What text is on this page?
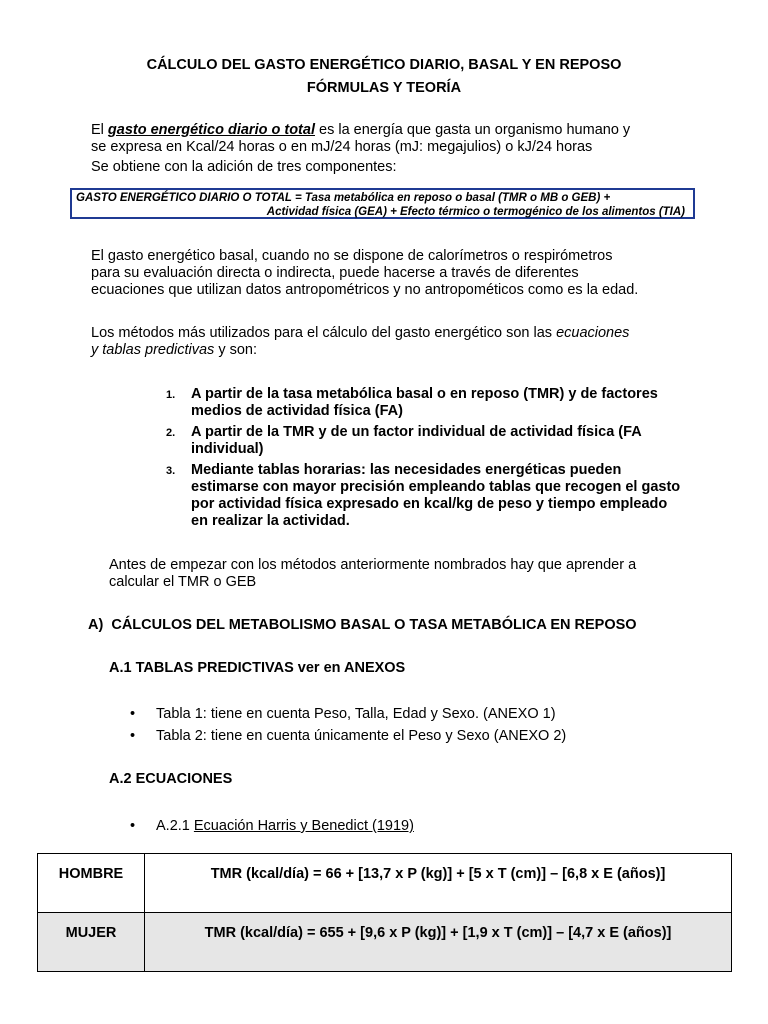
CÁLCULO DEL GASTO ENERGÉTICO DIARIO, BASAL Y EN REPOSO
FÓRMULAS Y TEORÍA
El gasto energético diario o total es la energía que gasta un organismo humano y
se expresa en Kcal/24 horas o en mJ/24 horas (mJ: megajulios) o kJ/24 horas
Se obtiene con la adición de tres componentes:
GASTO ENERGÉTICO DIARIO O TOTAL = Tasa metabólica en reposo o basal (TMR o MB o GEB) +
Actividad física (GEA) + Efecto térmico o termogénico de los alimentos (TIA)
El gasto energético basal, cuando no se dispone de calorímetros o respirómetros
para su evaluación directa o indirecta, puede hacerse a través de diferentes
ecuaciones que utilizan datos antropométricos y no antropométicos como es la edad.
Los métodos más utilizados para el cálculo del gasto energético son las ecuaciones
y tablas predictivas y son:
1. A partir de la tasa metabólica basal o en reposo (TMR) y de factores medios de actividad física (FA)
2. A partir de la TMR y de un factor individual de actividad física (FA individual)
3. Mediante tablas horarias: las necesidades energéticas pueden estimarse con mayor precisión empleando tablas que recogen el gasto por actividad física expresado en kcal/kg de peso y tiempo empleado en realizar la actividad.
Antes de empezar con los métodos anteriormente nombrados hay que aprender a
calcular el TMR o GEB
A)  CÁLCULOS DEL METABOLISMO BASAL O TASA METABÓLICA EN REPOSO
A.1 TABLAS PREDICTIVAS ver en ANEXOS
• Tabla 1: tiene en cuenta Peso, Talla, Edad y Sexo. (ANEXO 1)
• Tabla 2: tiene en cuenta únicamente el Peso y Sexo (ANEXO 2)
A.2 ECUACIONES
• A.2.1 Ecuación Harris y Benedict (1919)
HOMBRE	TMR (kcal/día) = 66 + [13,7 x P (kg)] + [5 x T (cm)] – [6,8 x E (años)]
MUJER	TMR (kcal/día) = 655 + [9,6 x P (kg)] + [1,9 x T (cm)] – [4,7 x E (años)]
